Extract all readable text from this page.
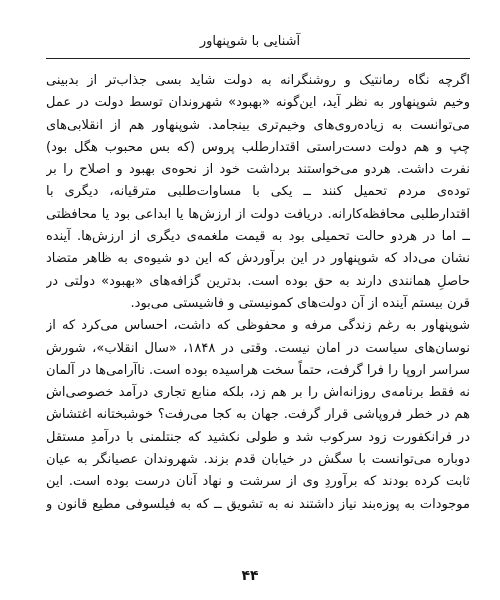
آشنایی با شوپنهاور
اگرچه نگاه رمانتیک و روشنگرانه به دولت شاید بسی جذاب‌تر از بدبینی
وخیم شوپنهاور به نظر آید، این‌گونه «بهبود» شهروندان توسط دولت در عمل
می‌توانست به زیاده‌روی‌های وخیم‌تری بینجامد. شوپنهاور هم از انقلابی‌های
چپ و هم دولت دست‌راستی اقتدارطلب پروس (که بس محبوب هگل بود)
نفرت داشت. هردو می‌خواستند برداشت خود از نحوه‌ی بهبود و اصلاح را بر
توده‌ی مردم تحمیل کنند ــ یکی با مساوات‌طلبی مترقیانه، دیگری با
اقتدارطلبی محافظه‌کارانه. دریافت دولت از ارزش‌ها یا ابداعی بود یا محافظتی
ــ اما در هردو حالت تحمیلی بود به قیمت ملغمه‌ی دیگری از ارزش‌ها. آینده
نشان می‌داد که شوپنهاور در این برآوردش که این دو شیوه‌ی به ظاهر متضاد
حاصلِ همانندی دارند به حق بوده است. بدترین گزافه‌های «بهبود» دولتی در
قرن بیستم آینده از آن دولت‌های کمونیستی و فاشیستی می‌بود.
شوپنهاور به رغم زندگی مرفه و محفوظی که داشت، احساس می‌کرد که از
نوسان‌های سیاست در امان نیست. وقتی در ۱۸۴۸، «سال انقلاب»، شورش
سراسر اروپا را فرا گرفت، حتماً سخت هراسیده بوده است. ناآرامی‌ها در آلمان
نه فقط برنامه‌ی روزانه‌اش را بر هم زد، بلکه منابع تجاری درآمد خصوصی‌اش
هم در خطر فروپاشی قرار گرفت. جهان به کجا می‌رفت؟ خوشبختانه اغتشاش
در فرانکفورت زود سرکوب شد و طولی نکشید که جنتلمنی با درآمدِ مستقل
دوباره می‌توانست با سگش در خیابان قدم بزند. شهروندان عصیانگر به عیان
ثابت کرده بودند که برآوردِ وی از سرشت و نهاد آنان درست بوده است. این
موجودات به پوزه‌بند نیاز داشتند نه به تشویق ــ که به فیلسوفی مطیع قانون و
۴۴
